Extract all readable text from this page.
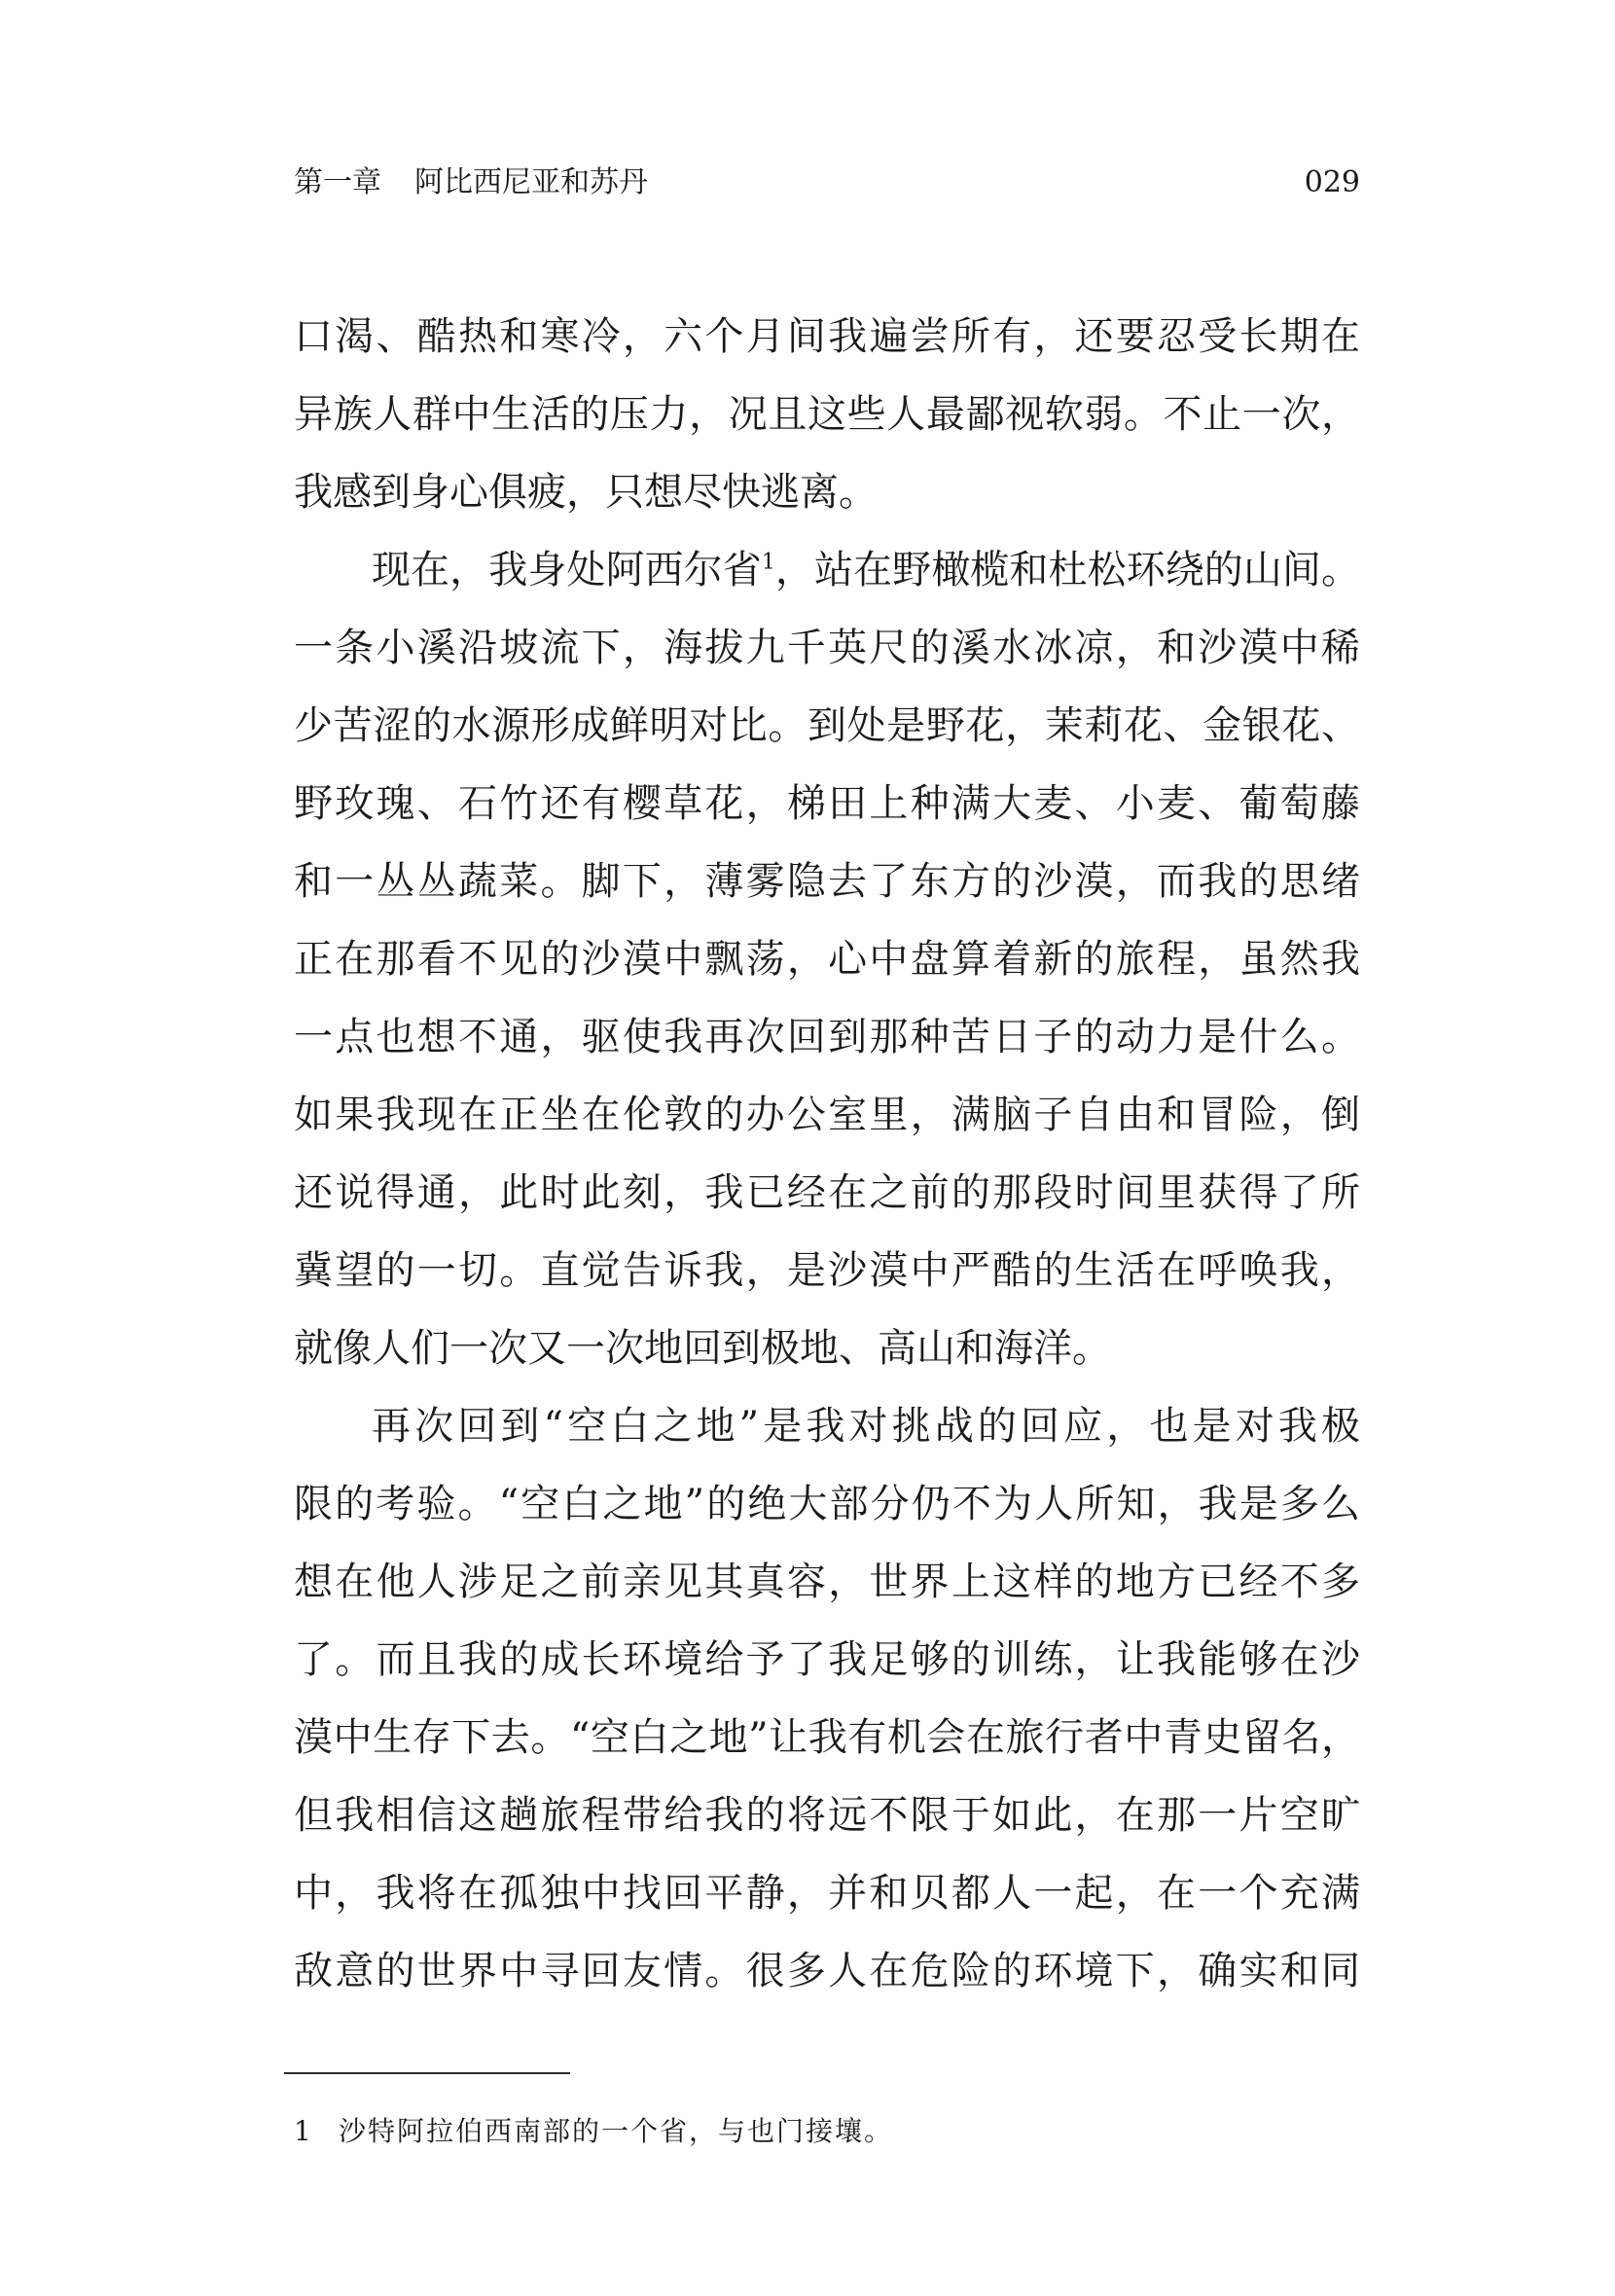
第一章 阿比西尼亚和苏丹	029
口渴、酷热和寒冷，六个月间我遍尝所有，还要忍受长期在
异族人群中生活的压力，况且这些人最鄙视软弱。不止一次，
我感到身心俱疲，只想尽快逃离。
现在，我身处阿西尔省$^1$，站在野橄榄和杜松环绕的山间。
一条小溪沿坡流下，海拔九千英尺的溪水冰凉，和沙漠中稀
少苦涩的水源形成鲜明对比。到处是野花，茉莉花、金银花、
野玫瑰、石竹还有樱草花，梯田上种满大麦、小麦、葡萄藤
和一丛丛蔬菜。脚下，薄雾隐去了东方的沙漠，而我的思绪
正在那看不见的沙漠中飘荡，心中盘算着新的旅程，虽然我
一点也想不通，驱使我再次回到那种苦日子的动力是什么。
如果我现在正坐在伦敦的办公室里，满脑子自由和冒险，倒
还说得通，此时此刻，我已经在之前的那段时间里获得了所
冀望的一切。直觉告诉我，是沙漠中严酷的生活在呼唤我，
就像人们一次又一次地回到极地、高山和海洋。
再次回到“空白之地”是我对挑战的回应，也是对我极
限的考验。“空白之地”的绝大部分仍不为人所知，我是多么
想在他人涉足之前亲见其真容，世界上这样的地方已经不多
了。而且我的成长环境给予了我足够的训练，让我能够在沙
漠中生存下去。“空白之地”让我有机会在旅行者中青史留名，
但我相信这趟旅程带给我的将远不限于如此，在那一片空旷
中，我将在孤独中找回平静，并和贝都人一起，在一个充满
敌意的世界中寻回友情。很多人在危险的环境下，确实和同
1 沙特阿拉伯西南部的一个省，与也门接壤。
